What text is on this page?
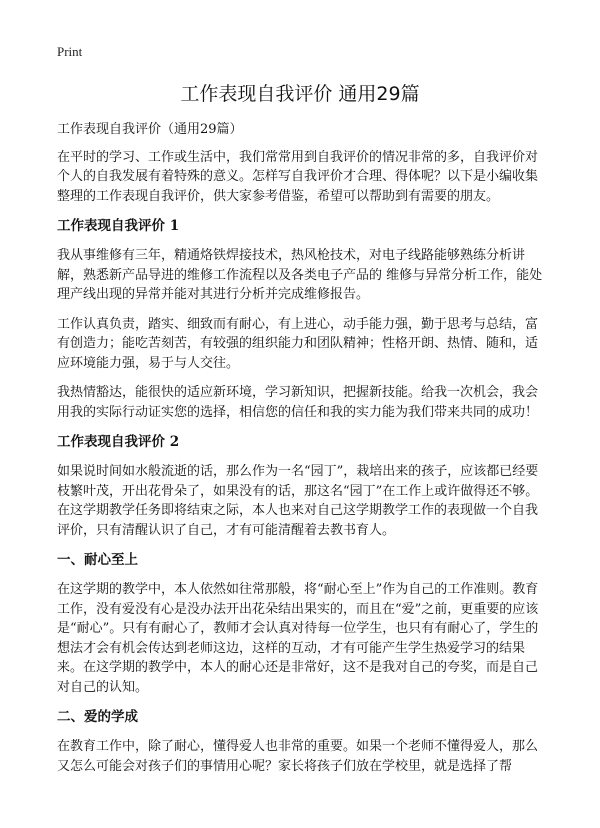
Print
工作表现自我评价 通用29篇

工作表现自我评价（通用29篇）

在平时的学习、工作或生活中，我们常常用到自我评价的情况非常的多，自我评价对个人的自我发展有着特殊的意义。怎样写自我评价才合理、得体呢？以下是小编收集整理的工作表现自我评价，供大家参考借鉴，希望可以帮助到有需要的朋友。

工作表现自我评价 1

我从事维修有三年，精通烙铁焊接技术，热风枪技术，对电子线路能够熟练分析讲解，熟悉新产品导进的维修工作流程以及各类电子产品的 维修与异常分析工作，能处理产线出现的异常并能对其进行分析并完成维修报告。

工作认真负责，踏实、细致而有耐心，有上进心，动手能力强，勤于思考与总结，富有创造力；能吃苦刻苦，有较强的组织能力和团队精神；性格开朗、热情、随和，适应环境能力强，易于与人交往。

我热情豁达，能很快的适应新环境，学习新知识，把握新技能。给我一次机会，我会用我的实际行动证实您的选择，相信您的信任和我的实力能为我们带来共同的成功！

工作表现自我评价 2

如果说时间如水般流逝的话，那么作为一名“园丁”，栽培出来的孩子，应该都已经要枝繁叶茂，开出花骨朵了，如果没有的话，那这名“园丁”在工作上或许做得还不够。在这学期教学任务即将结束之际，本人也来对自己这学期教学工作的表现做一个自我评价，只有清醒认识了自己，才有可能清醒着去教书育人。

一、耐心至上

在这学期的教学中，本人依然如往常那般，将“耐心至上”作为自己的工作准则。教育工作，没有爱没有心是没办法开出花朵结出果实的，而且在“爱”之前，更重要的应该是“耐心”。只有有耐心了，教师才会认真对待每一位学生，也只有有耐心了，学生的想法才会有机会传达到老师这边，这样的互动，才有可能产生学生热爱学习的结果来。在这学期的教学中，本人的耐心还是非常好，这不是我对自己的夸奖，而是自己对自己的认知。

二、爱的学成

在教育工作中，除了耐心，懂得爱人也非常的重要。如果一个老师不懂得爱人，那么又怎么可能会对孩子们的事情用心呢？家长将孩子们放在学校里，就是选择了帮
